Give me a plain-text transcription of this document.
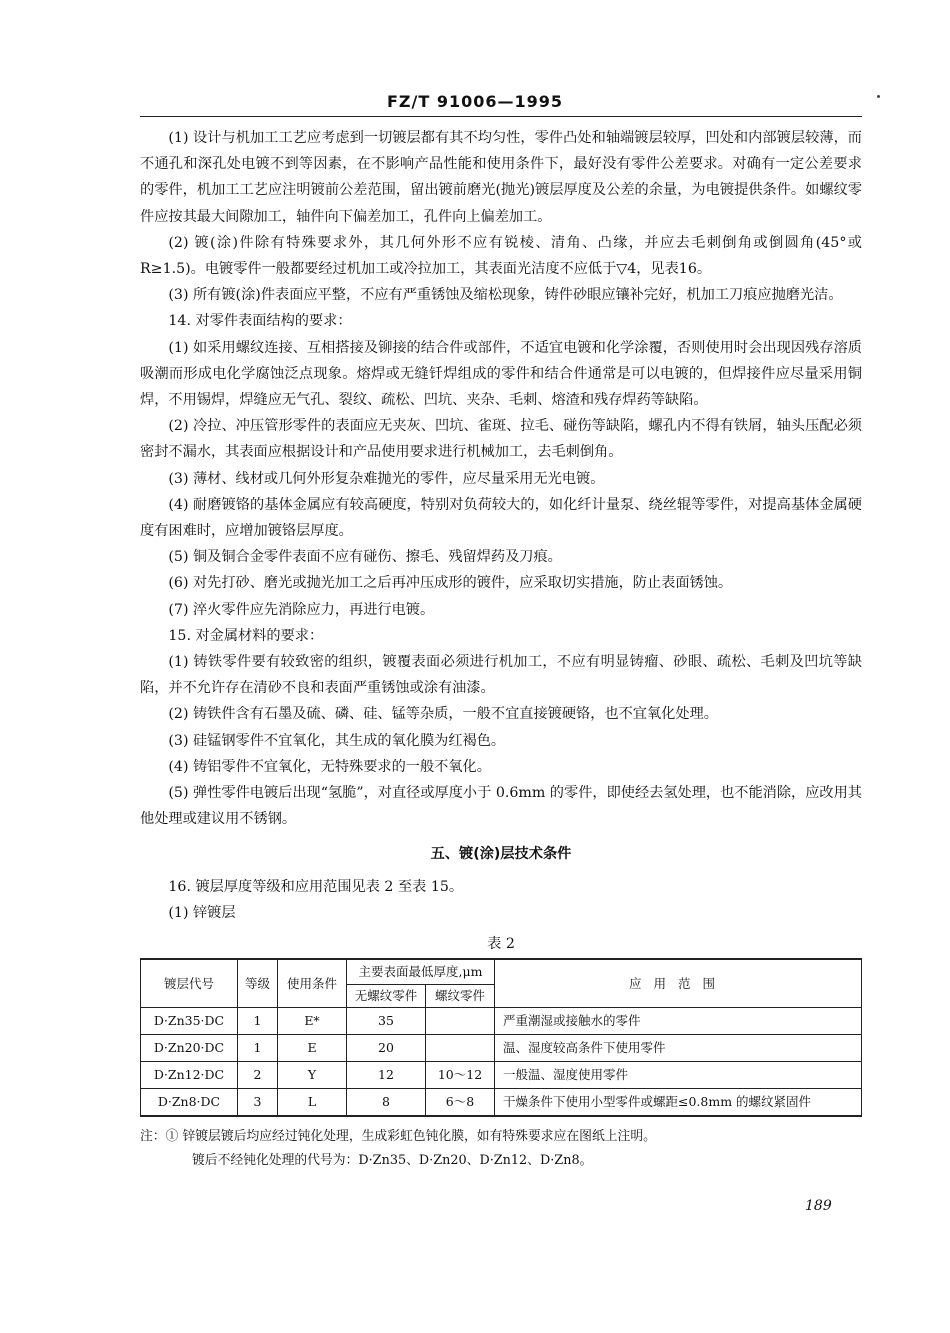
FZ/T 91006—1995

(1) 设计与机加工工艺应考虑到一切镀层都有其不均匀性，零件凸处和轴端镀层较厚，凹处和内部镀层较薄，而不通孔和深孔处电镀不到等因素，在不影响产品性能和使用条件下，最好没有零件公差要求。对确有一定公差要求的零件，机加工工艺应注明镀前公差范围，留出镀前磨光(抛光)镀层厚度及公差的余量，为电镀提供条件。如螺纹零件应按其最大间隙加工，轴件向下偏差加工，孔件向上偏差加工。

(2) 镀(涂)件除有特殊要求外，其几何外形不应有锐棱、清角、凸缘，并应去毛刺倒角或倒圆角(45°或 R≥1.5)。电镀零件一般都要经过机加工或冷拉加工，其表面光洁度不应低于▽4，见表16。

(3) 所有镀(涂)件表面应平整，不应有严重锈蚀及缩松现象，铸件砂眼应镶补完好，机加工刀痕应抛磨光洁。

14. 对零件表面结构的要求：

(1) 如采用螺纹连接、互相搭接及铆接的结合件或部件，不适宜电镀和化学涂覆，否则使用时会出现因残存溶质吸潮而形成电化学腐蚀泛点现象。熔焊或无缝钎焊组成的零件和结合件通常是可以电镀的，但焊接件应尽量采用铜焊，不用锡焊，焊缝应无气孔、裂纹、疏松、凹坑、夹杂、毛刺、熔渣和残存焊药等缺陷。

(2) 冷拉、冲压管形零件的表面应无夹灰、凹坑、雀斑、拉毛、碰伤等缺陷，螺孔内不得有铁屑，轴头压配必须密封不漏水，其表面应根据设计和产品使用要求进行机械加工，去毛刺倒角。

(3) 薄材、线材或几何外形复杂难抛光的零件，应尽量采用无光电镀。

(4) 耐磨镀铬的基体金属应有较高硬度，特别对负荷较大的，如化纤计量泵、绕丝辊等零件，对提高基体金属硬度有困难时，应增加镀铬层厚度。

(5) 铜及铜合金零件表面不应有碰伤、擦毛、残留焊药及刀痕。

(6) 对先打砂、磨光或抛光加工之后再冲压成形的镀件，应采取切实措施，防止表面锈蚀。

(7) 淬火零件应先消除应力，再进行电镀。

15. 对金属材料的要求：

(1) 铸铁零件要有较致密的组织，镀覆表面必须进行机加工，不应有明显铸瘤、砂眼、疏松、毛刺及凹坑等缺陷，并不允许存在清砂不良和表面严重锈蚀或涂有油漆。

(2) 铸铁件含有石墨及硫、磷、硅、锰等杂质，一般不宜直接镀硬铬，也不宜氧化处理。

(3) 硅锰钢零件不宜氧化，其生成的氧化膜为红褐色。

(4) 铸铝零件不宜氧化，无特殊要求的一般不氧化。

(5) 弹性零件电镀后出现“氢脆”，对直径或厚度小于 0.6mm 的零件，即使经去氢处理，也不能消除，应改用其他处理或建议用不锈钢。

五、镀(涂)层技术条件

16. 镀层厚度等级和应用范围见表 2 至表 15。

(1) 锌镀层

表 2
镀层代号	等级	使用条件	主要表面最低厚度,μm		应用范围
			无螺纹零件	螺纹零件	
D·Zn35·DC	1	E*	35		严重潮湿或接触水的零件
D·Zn20·DC	1	E	20		温、湿度较高条件下使用零件
D·Zn12·DC	2	Y	12	10～12	一般温、湿度使用零件
D·Zn8·DC	3	L	8	6～8	干燥条件下使用小型零件或螺距≤0.8mm 的螺纹紧固件

注：① 锌镀层镀后均应经过钝化处理，生成彩虹色钝化膜，如有特殊要求应在图纸上注明。

镀后不经钝化处理的代号为：D·Zn35、D·Zn20、D·Zn12、D·Zn8。

189
